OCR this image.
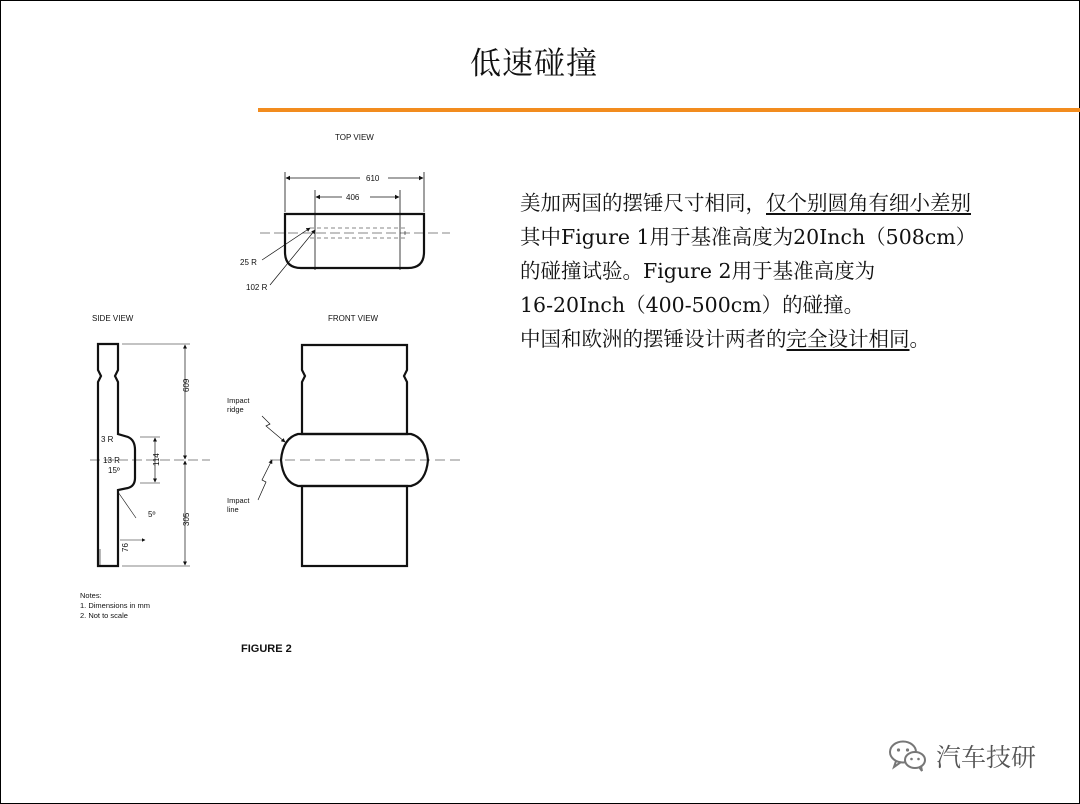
低速碰撞
美加两国的摆锤尺寸相同，仅个别圆角有细小差别
其中Figure 1用于基准高度为20Inch（508cm）
的碰撞试验。Figure 2用于基准高度为
16-20Inch（400-500cm）的碰撞。
中国和欧洲的摆锤设计两者的完全设计相同。
TOP VIEW
610
406
25 R
102 R
SIDE VIEW
609
114
305
76
3 R
13 R
15º
5º
FRONT VIEW
Impact
ridge
Impact
line
Notes:
1. Dimensions in mm
2. Not to scale
FIGURE 2
汽车技研
